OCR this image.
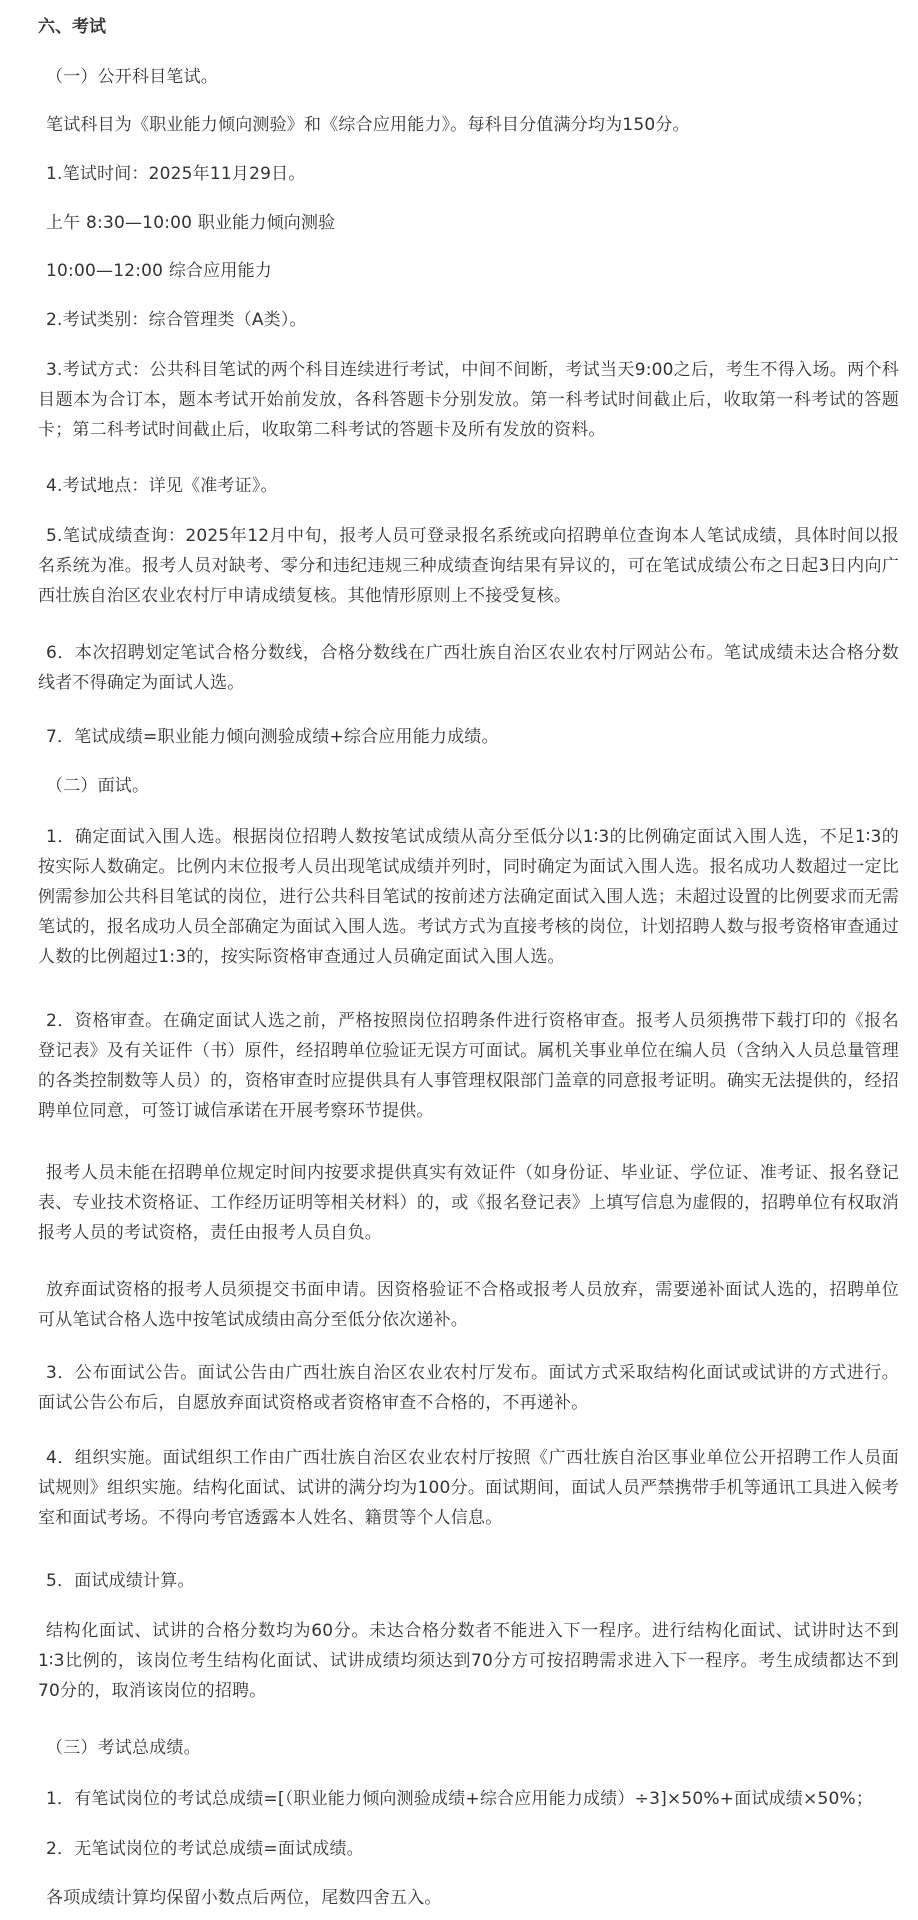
六、考试

（一）公开科目笔试。

笔试科目为《职业能力倾向测验》和《综合应用能力》。每科目分值满分均为150分。

1.笔试时间：2025年11月29日。

上午 8:30—10:00 职业能力倾向测验

10:00—12:00 综合应用能力

2.考试类别：综合管理类（A类）。

3.考试方式：公共科目笔试的两个科目连续进行考试，中间不间断，考试当天9:00之后，考生不得入场。两个科目题本为合订本，题本考试开始前发放，各科答题卡分别发放。第一科考试时间截止后，收取第一科考试的答题卡；第二科考试时间截止后，收取第二科考试的答题卡及所有发放的资料。

4.考试地点：详见《准考证》。

5.笔试成绩查询：2025年12月中旬，报考人员可登录报名系统或向招聘单位查询本人笔试成绩，具体时间以报名系统为准。报考人员对缺考、零分和违纪违规三种成绩查询结果有异议的，可在笔试成绩公布之日起3日内向广西壮族自治区农业农村厅申请成绩复核。其他情形原则上不接受复核。

6．本次招聘划定笔试合格分数线，合格分数线在广西壮族自治区农业农村厅网站公布。笔试成绩未达合格分数线者不得确定为面试人选。

7．笔试成绩=职业能力倾向测验成绩+综合应用能力成绩。

（二）面试。

1．确定面试入围人选。根据岗位招聘人数按笔试成绩从高分至低分以1∶3的比例确定面试入围人选，不足1∶3的按实际人数确定。比例内末位报考人员出现笔试成绩并列时，同时确定为面试入围人选。报名成功人数超过一定比例需参加公共科目笔试的岗位，进行公共科目笔试的按前述方法确定面试入围人选；未超过设置的比例要求而无需笔试的，报名成功人员全部确定为面试入围人选。考试方式为直接考核的岗位，计划招聘人数与报考资格审查通过人数的比例超过1:3的，按实际资格审查通过人员确定面试入围人选。

2．资格审查。在确定面试人选之前，严格按照岗位招聘条件进行资格审查。报考人员须携带下载打印的《报名登记表》及有关证件（书）原件，经招聘单位验证无误方可面试。属机关事业单位在编人员（含纳入人员总量管理的各类控制数等人员）的，资格审查时应提供具有人事管理权限部门盖章的同意报考证明。确实无法提供的，经招聘单位同意，可签订诚信承诺在开展考察环节提供。

报考人员未能在招聘单位规定时间内按要求提供真实有效证件（如身份证、毕业证、学位证、准考证、报名登记表、专业技术资格证、工作经历证明等相关材料）的，或《报名登记表》上填写信息为虚假的，招聘单位有权取消报考人员的考试资格，责任由报考人员自负。

放弃面试资格的报考人员须提交书面申请。因资格验证不合格或报考人员放弃，需要递补面试人选的，招聘单位可从笔试合格人选中按笔试成绩由高分至低分依次递补。

3．公布面试公告。面试公告由广西壮族自治区农业农村厅发布。面试方式采取结构化面试或试讲的方式进行。面试公告公布后，自愿放弃面试资格或者资格审查不合格的，不再递补。

4．组织实施。面试组织工作由广西壮族自治区农业农村厅按照《广西壮族自治区事业单位公开招聘工作人员面试规则》组织实施。结构化面试、试讲的满分均为100分。面试期间，面试人员严禁携带手机等通讯工具进入候考室和面试考场。不得向考官透露本人姓名、籍贯等个人信息。

5．面试成绩计算。

结构化面试、试讲的合格分数均为60分。未达合格分数者不能进入下一程序。进行结构化面试、试讲时达不到1∶3比例的，该岗位考生结构化面试、试讲成绩均须达到70分方可按招聘需求进入下一程序。考生成绩都达不到70分的，取消该岗位的招聘。

（三）考试总成绩。

1．有笔试岗位的考试总成绩=[（职业能力倾向测验成绩+综合应用能力成绩）÷3]×50%+面试成绩×50%；

2．无笔试岗位的考试总成绩=面试成绩。

各项成绩计算均保留小数点后两位，尾数四舍五入。
